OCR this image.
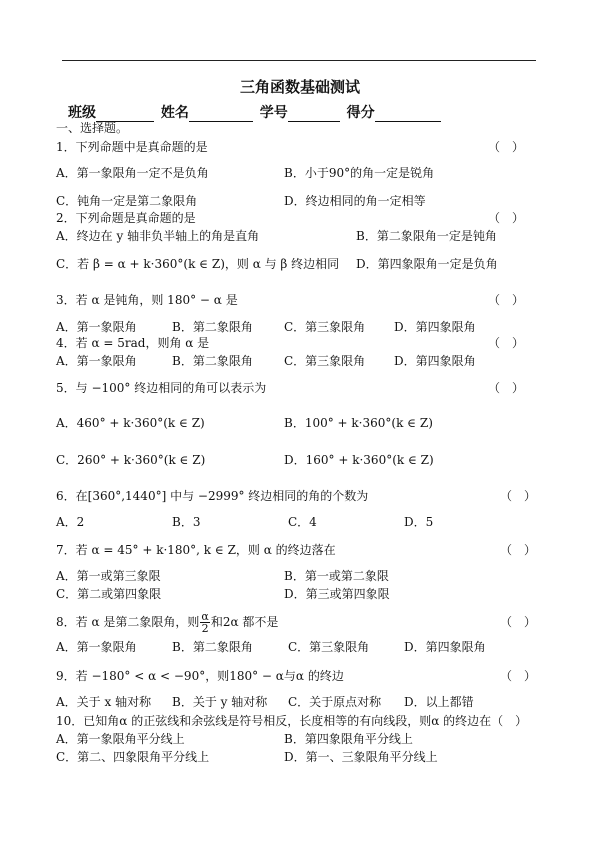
三角函数基础测试
班级	姓名	学号	得分
一、选择题。
1．下列命题中是真命题的是	（　）
A．第一象限角一定不是负角	B．小于90°的角一定是锐角
C．钝角一定是第二象限角	D．终边相同的角一定相等
2．下列命题是真命题的是	（　）
A．终边在 y 轴非负半轴上的角是直角	B．第二象限角一定是钝角
C．若 β = α + k·360°(k ∈ Z)，则 α 与 β 终边相同 D．第四象限角一定是负角
3．若 α 是钝角，则 180° − α 是	（　）
A．第一象限角	B．第二象限角	C．第三象限角 D．第四象限角
4．若 α = 5rad，则角 α 是	（　）
A．第一象限角	B．第二象限角	C．第三象限角 D．第四象限角
5．与 −100° 终边相同的角可以表示为	（　）
A．460° + k·360°(k ∈ Z)	B．100° + k·360°(k ∈ Z)
C．260° + k·360°(k ∈ Z)	D．160° + k·360°(k ∈ Z)
6．在[360°,1440°] 中与 −2999° 终边相同的角的个数为	（　）
A．2	B．3	C．4	D．5
7．若 α = 45° + k·180°, k ∈ Z，则 α 的终边落在	（　）
A．第一或第三象限	B．第一或第二象限
C．第二或第四象限	D．第三或第四象限
8．若 α 是第二象限角，则 $\frac{\alpha}{2}$ 和2α 都不是	（　）
A．第一象限角	B．第二象限角	C．第三象限角	D．第四象限角
9．若 −180° < α < −90°，则180° − α与α 的终边	（　）
A．关于 x 轴对称 B．关于 y 轴对称 C．关于原点对称 D．以上都错
10．已知角α 的正弦线和余弦线是符号相反，长度相等的有向线段，则α 的终边在（　）
A．第一象限角平分线上	B．第四象限角平分线上
C．第二、四象限角平分线上	D．第一、三象限角平分线上
